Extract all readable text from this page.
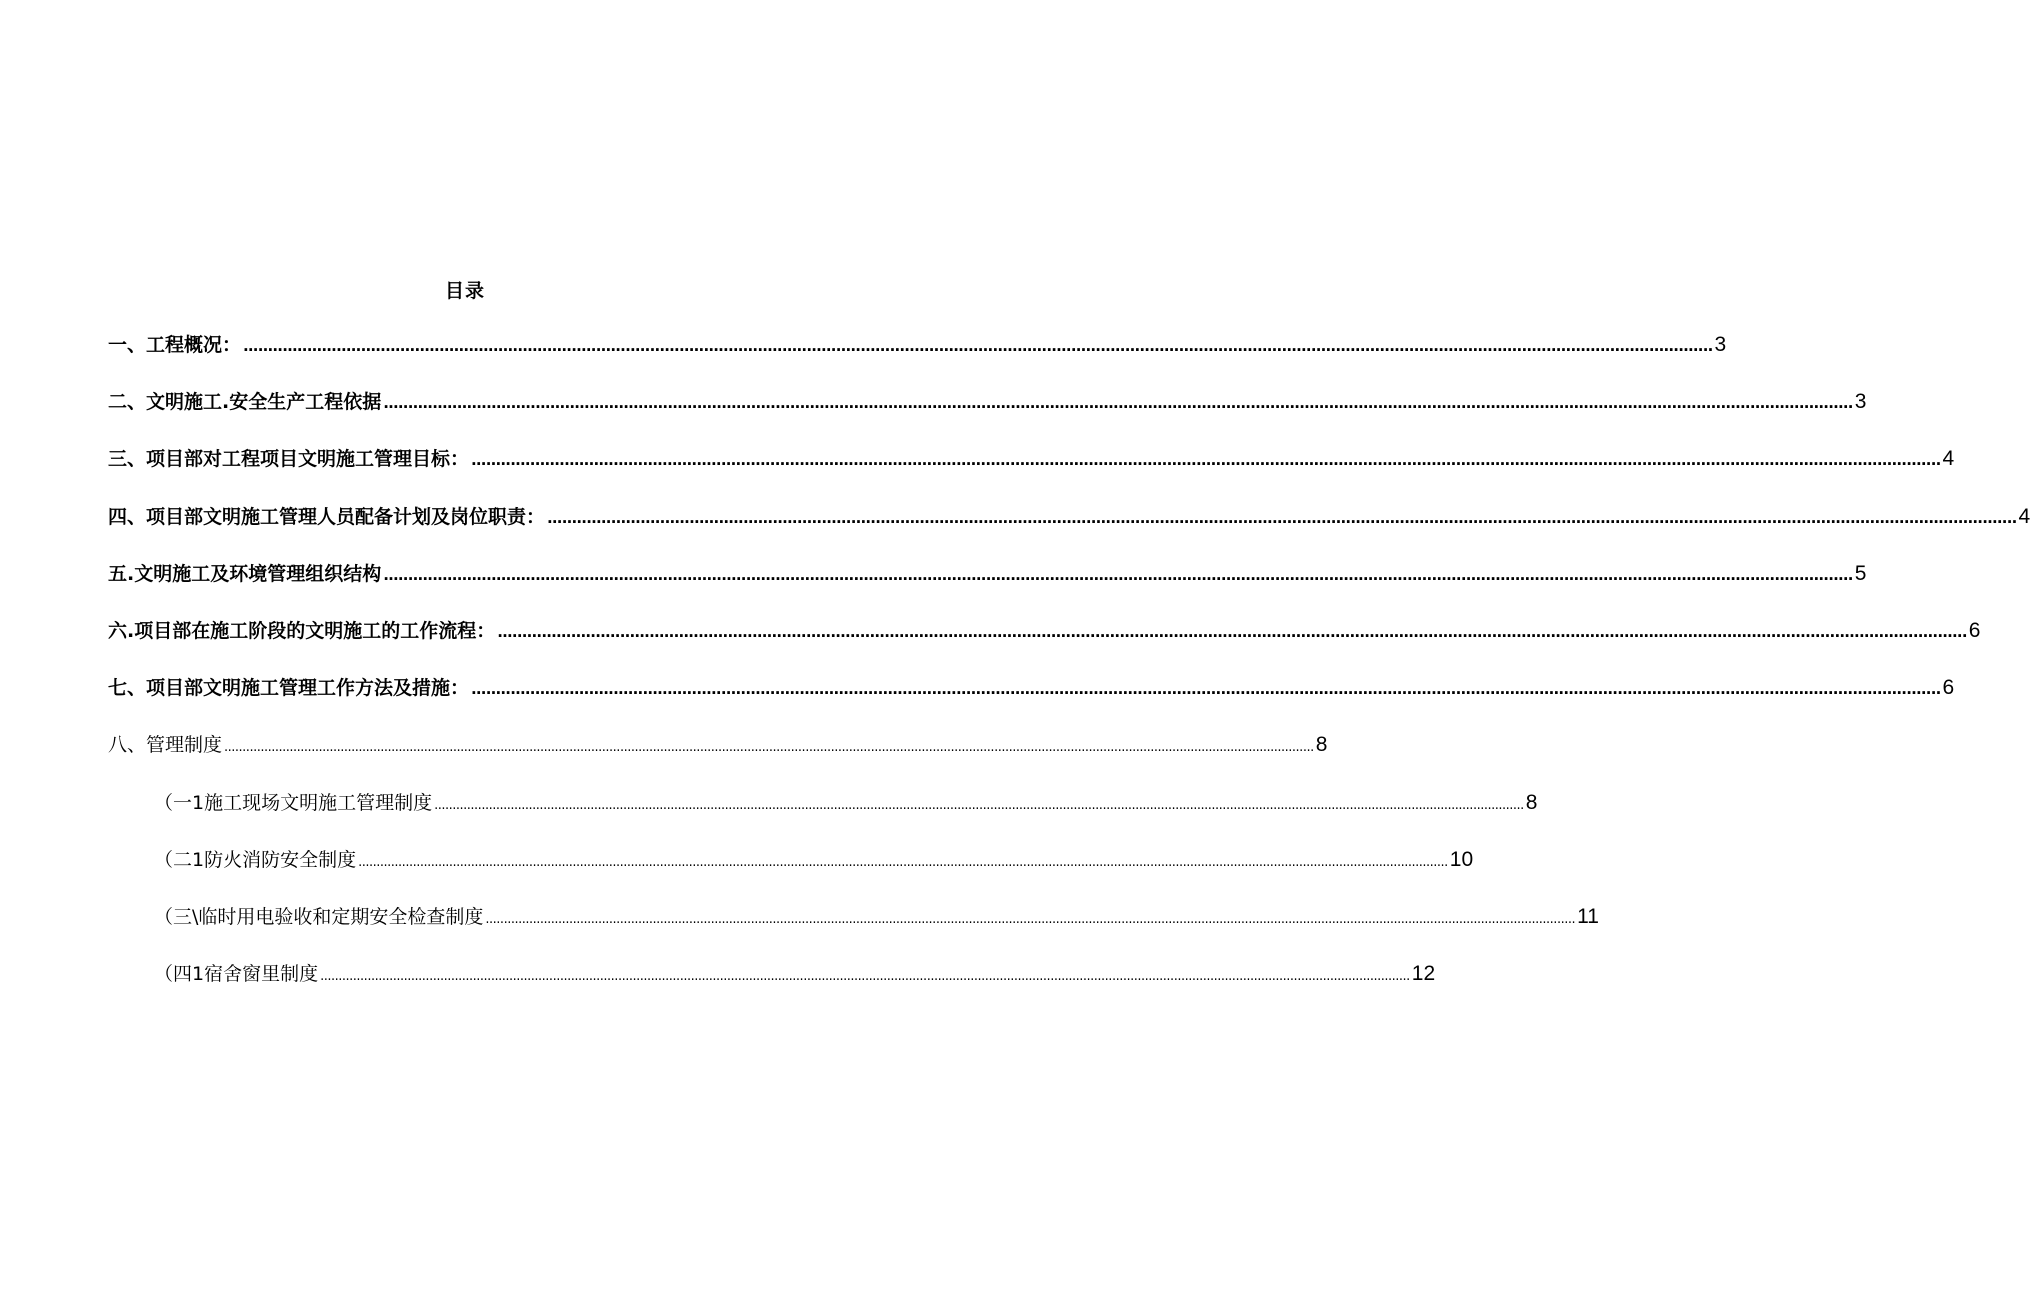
目录
一、工程概况： ............................................................................................................................................................................................................................................................................................................ 3
二、文明施工.安全生产工程依据 ............................................................................................................................................................................................................................................................................................................ 3
三、项目部对工程项目文明施工管理目标： ............................................................................................................................................................................................................................................................................................................ 4
四、项目部文明施工管理人员配备计划及岗位职责： ............................................................................................................................................................................................................................................................................................................ 4
五.文明施工及环境管理组织结构 ............................................................................................................................................................................................................................................................................................................ 5
六.项目部在施工阶段的文明施工的工作流程： ............................................................................................................................................................................................................................................................................................................ 6
七、项目部文明施工管理工作方法及措施： ............................................................................................................................................................................................................................................................................................................ 6
八、管理制度 ............................................................................................................................................................................................................................................................................................................ 8
（一1施工现场文明施工管理制度 ............................................................................................................................................................................................................................................................................................................ 8
（二1防火消防安全制度 ............................................................................................................................................................................................................................................................................................................ 10
（三\临时用电验收和定期安全检查制度 ............................................................................................................................................................................................................................................................................................................ 11
（四1宿舍窗里制度 ............................................................................................................................................................................................................................................................................................................ 12
